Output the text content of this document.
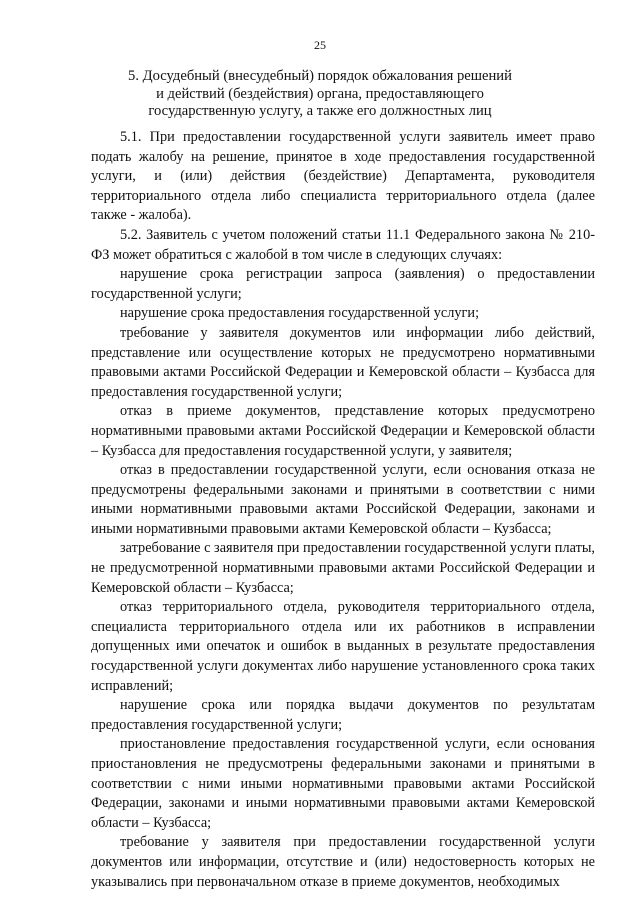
25
5. Досудебный (внесудебный) порядок обжалования решений
и действий (бездействия) органа, предоставляющего
государственную услугу, а также его должностных лиц

5.1. При предоставлении государственной услуги заявитель имеет право подать жалобу на решение, принятое в ходе предоставления государственной услуги, и (или) действия (бездействие) Департамента, руководителя территориального отдела либо специалиста территориального отдела (далее также - жалоба).

5.2. Заявитель с учетом положений статьи 11.1 Федерального закона № 210-ФЗ может обратиться с жалобой в том числе в следующих случаях:

нарушение срока регистрации запроса (заявления) о предоставлении государственной услуги;

нарушение срока предоставления государственной услуги;

требование у заявителя документов или информации либо действий, представление или осуществление которых не предусмотрено нормативными правовыми актами Российской Федерации и Кемеровской области – Кузбасса для предоставления государственной услуги;

отказ в приеме документов, представление которых предусмотрено нормативными правовыми актами Российской Федерации и Кемеровской области – Кузбасса для предоставления государственной услуги, у заявителя;

отказ в предоставлении государственной услуги, если основания отказа не предусмотрены федеральными законами и принятыми в соответствии с ними иными нормативными правовыми актами Российской Федерации, законами и иными нормативными правовыми актами Кемеровской области – Кузбасса;

затребование с заявителя при предоставлении государственной услуги платы, не предусмотренной нормативными правовыми актами Российской Федерации и Кемеровской области – Кузбасса;

отказ территориального отдела, руководителя территориального отдела, специалиста территориального отдела или их работников в исправлении допущенных ими опечаток и ошибок в выданных в результате предоставления государственной услуги документах либо нарушение установленного срока таких исправлений;

нарушение срока или порядка выдачи документов по результатам предоставления государственной услуги;

приостановление предоставления государственной услуги, если основания приостановления не предусмотрены федеральными законами и принятыми в соответствии с ними иными нормативными правовыми актами Российской Федерации, законами и иными нормативными правовыми актами Кемеровской области – Кузбасса;

требование у заявителя при предоставлении государственной услуги документов или информации, отсутствие и (или) недостоверность которых не указывались при первоначальном отказе в приеме документов, необходимых
